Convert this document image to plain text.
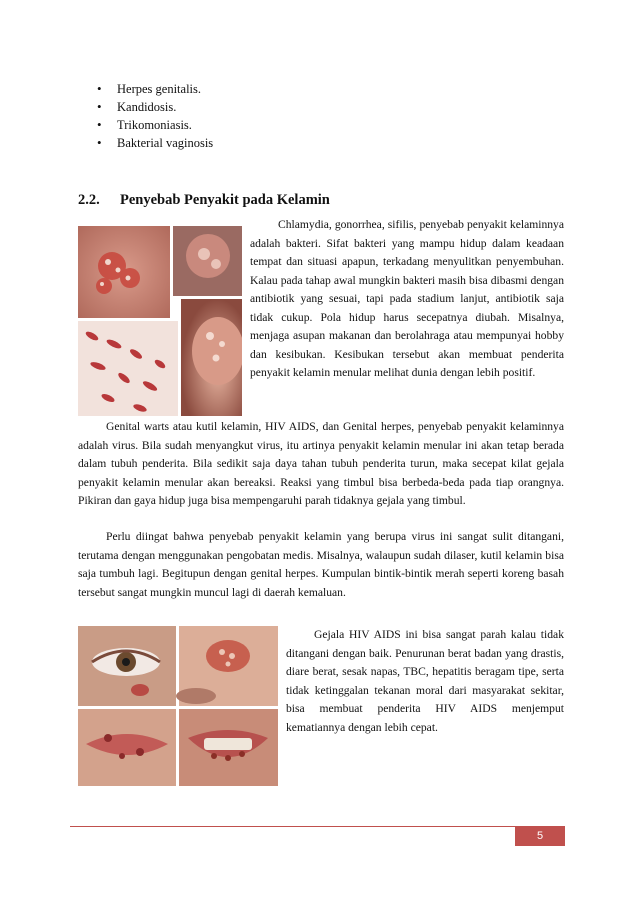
• Herpes genitalis.
• Kandidosis.
• Trikomoniasis.
• Bakterial vaginosis
2.2. Penyebab Penyakit pada Kelamin

Chlamydia, gonorrhea, sifilis, penyebab penyakit kelaminnya adalah bakteri. Sifat bakteri yang mampu hidup dalam keadaan tempat dan situasi apapun, terkadang menyulitkan penyembuhan. Kalau pada tahap awal mungkin bakteri masih bisa dibasmi dengan antibiotik yang sesuai, tapi pada stadium lanjut, antibiotik saja tidak cukup. Pola hidup harus secepatnya diubah. Misalnya, menjaga asupan makanan dan berolahraga atau mempunyai hobby dan kesibukan. Kesibukan tersebut akan membuat penderita penyakit kelamin menular melihat dunia dengan lebih positif.

Genital warts atau kutil kelamin, HIV AIDS, dan Genital herpes, penyebab penyakit kelaminnya adalah virus. Bila sudah menyangkut virus, itu artinya penyakit kelamin menular ini akan tetap berada dalam tubuh penderita. Bila sedikit saja daya tahan tubuh penderita turun, maka secepat kilat gejala penyakit kelamin menular akan bereaksi. Reaksi yang timbul bisa berbeda-beda pada tiap orangnya. Pikiran dan gaya hidup juga bisa mempengaruhi parah tidaknya gejala yang timbul.

Perlu diingat bahwa penyebab penyakit kelamin yang berupa virus ini sangat sulit ditangani, terutama dengan menggunakan pengobatan medis. Misalnya, walaupun sudah dilaser, kutil kelamin bisa saja tumbuh lagi. Begitupun dengan genital herpes. Kumpulan bintik-bintik merah seperti koreng basah tersebut sangat mungkin muncul lagi di daerah kemaluan.

Gejala HIV AIDS ini bisa sangat parah kalau tidak ditangani dengan baik. Penurunan berat badan yang drastis, diare berat, sesak napas, TBC, hepatitis beragam tipe, serta tidak ketinggalan tekanan moral dari masyarakat sekitar, bisa membuat penderita HIV AIDS menjemput kematiannya dengan lebih cepat.

5
